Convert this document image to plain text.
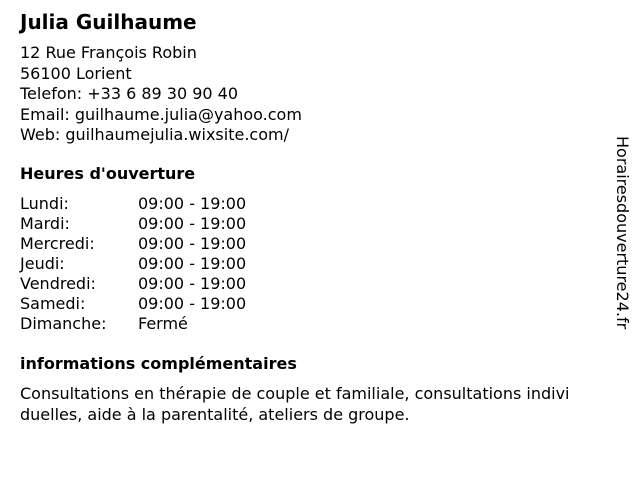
Julia Guilhaume
12 Rue François Robin
56100 Lorient
Telefon: +33 6 89 30 90 40
Email: guilhaume.julia@yahoo.com
Web: guilhaumejulia.wixsite.com/
Heures d'ouverture
Lundi:	09:00 - 19:00
Mardi:	09:00 - 19:00
Mercredi:	09:00 - 19:00
Jeudi:	09:00 - 19:00
Vendredi:	09:00 - 19:00
Samedi:	09:00 - 19:00
Dimanche: Fermé
informations complémentaires
Consultations en thérapie de couple et familiale, consultations indivi
duelles, aide à la parentalité, ateliers de groupe.
Horairesdouverture24.fr
